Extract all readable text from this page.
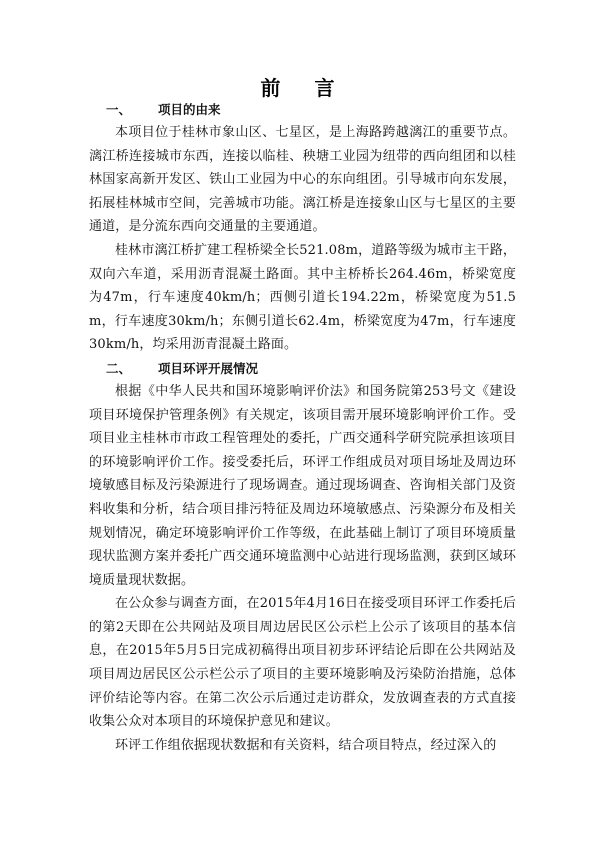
前言
一、 项目的由来

本项目位于桂林市象山区、七星区，是上海路跨越漓江的重要节点。漓江桥连接城市东西，连接以临桂、秧塘工业园为纽带的西向组团和以桂林国家高新开发区、铁山工业园为中心的东向组团。引导城市向东发展，拓展桂林城市空间，完善城市功能。漓江桥是连接象山区与七星区的主要通道，是分流东西向交通量的主要通道。

桂林市漓江桥扩建工程桥梁全长521.08m，道路等级为城市主干路，双向六车道，采用沥青混凝土路面。其中主桥桥长264.46m，桥梁宽度为47m，行车速度40km/h；西侧引道长194.22m，桥梁宽度为51.5m，行车速度30km/h；东侧引道长62.4m，桥梁宽度为47m，行车速度30km/h，均采用沥青混凝土路面。

二、 项目环评开展情况

根据《中华人民共和国环境影响评价法》和国务院第253号文《建设项目环境保护管理条例》有关规定，该项目需开展环境影响评价工作。受项目业主桂林市市政工程管理处的委托，广西交通科学研究院承担该项目的环境影响评价工作。接受委托后，环评工作组成员对项目场址及周边环境敏感目标及污染源进行了现场调查。通过现场调查、咨询相关部门及资料收集和分析，结合项目排污特征及周边环境敏感点、污染源分布及相关规划情况，确定环境影响评价工作等级，在此基础上制订了项目环境质量现状监测方案并委托广西交通环境监测中心站进行现场监测，获到区域环境质量现状数据。

在公众参与调查方面，在2015年4月16日在接受项目环评工作委托后的第2天即在公共网站及项目周边居民区公示栏上公示了该项目的基本信息，在2015年5月5日完成初稿得出项目初步环评结论后即在公共网站及项目周边居民区公示栏公示了项目的主要环境影响及污染防治措施，总体评价结论等内容。在第二次公示后通过走访群众，发放调查表的方式直接收集公众对本项目的环境保护意见和建议。

环评工作组依据现状数据和有关资料，结合项目特点，经过深入的
